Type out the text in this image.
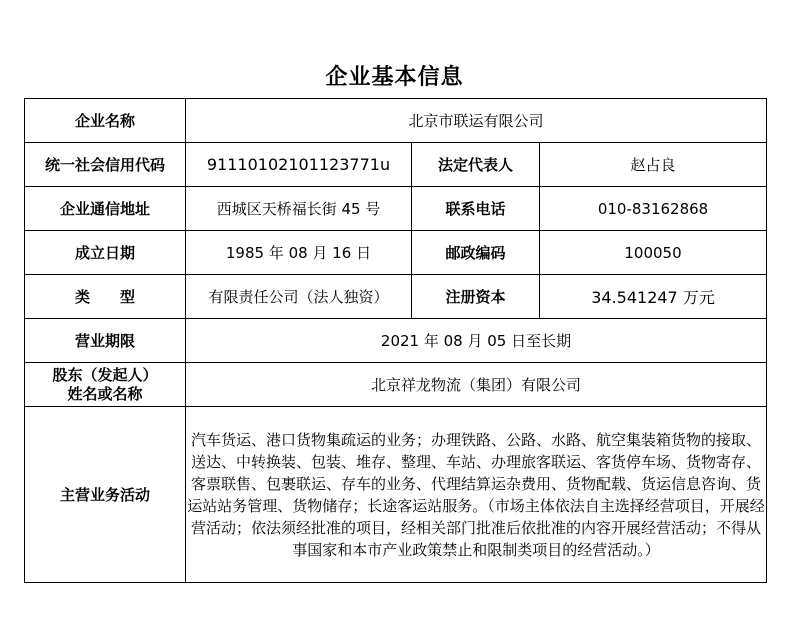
企业基本信息
企业名称	北京市联运有限公司		
统一社会信用代码	91110102101123771u	法定代表人	赵占良
企业通信地址	西城区天桥福长街 45 号	联系电话	010-83162868
成立日期	1985 年 08 月 16 日	邮政编码	100050
类　　型	有限责任公司（法人独资）	注册资本	34.541247 万元
营业期限	2021 年 08 月 05 日至长期		

股东（发起人）
姓名或名称	北京祥龙物流（集团）有限公司		
主营业务活动	汽车货运、港口货物集疏运的业务；办理铁路、公路、水路、航空集装箱货物的接取、送达、中转换装、包装、堆存、整理、车站、办理旅客联运、客货停车场、货物寄存、客票联售、包裹联运、存车的业务、代理结算运杂费用、货物配载、货运信息咨询、货运站站务管理、货物储存；长途客运站服务。（市场主体依法自主选择经营项目，开展经营活动；依法须经批准的项目，经相关部门批准后依批准的内容开展经营活动；不得从事国家和本市产业政策禁止和限制类项目的经营活动。）		
